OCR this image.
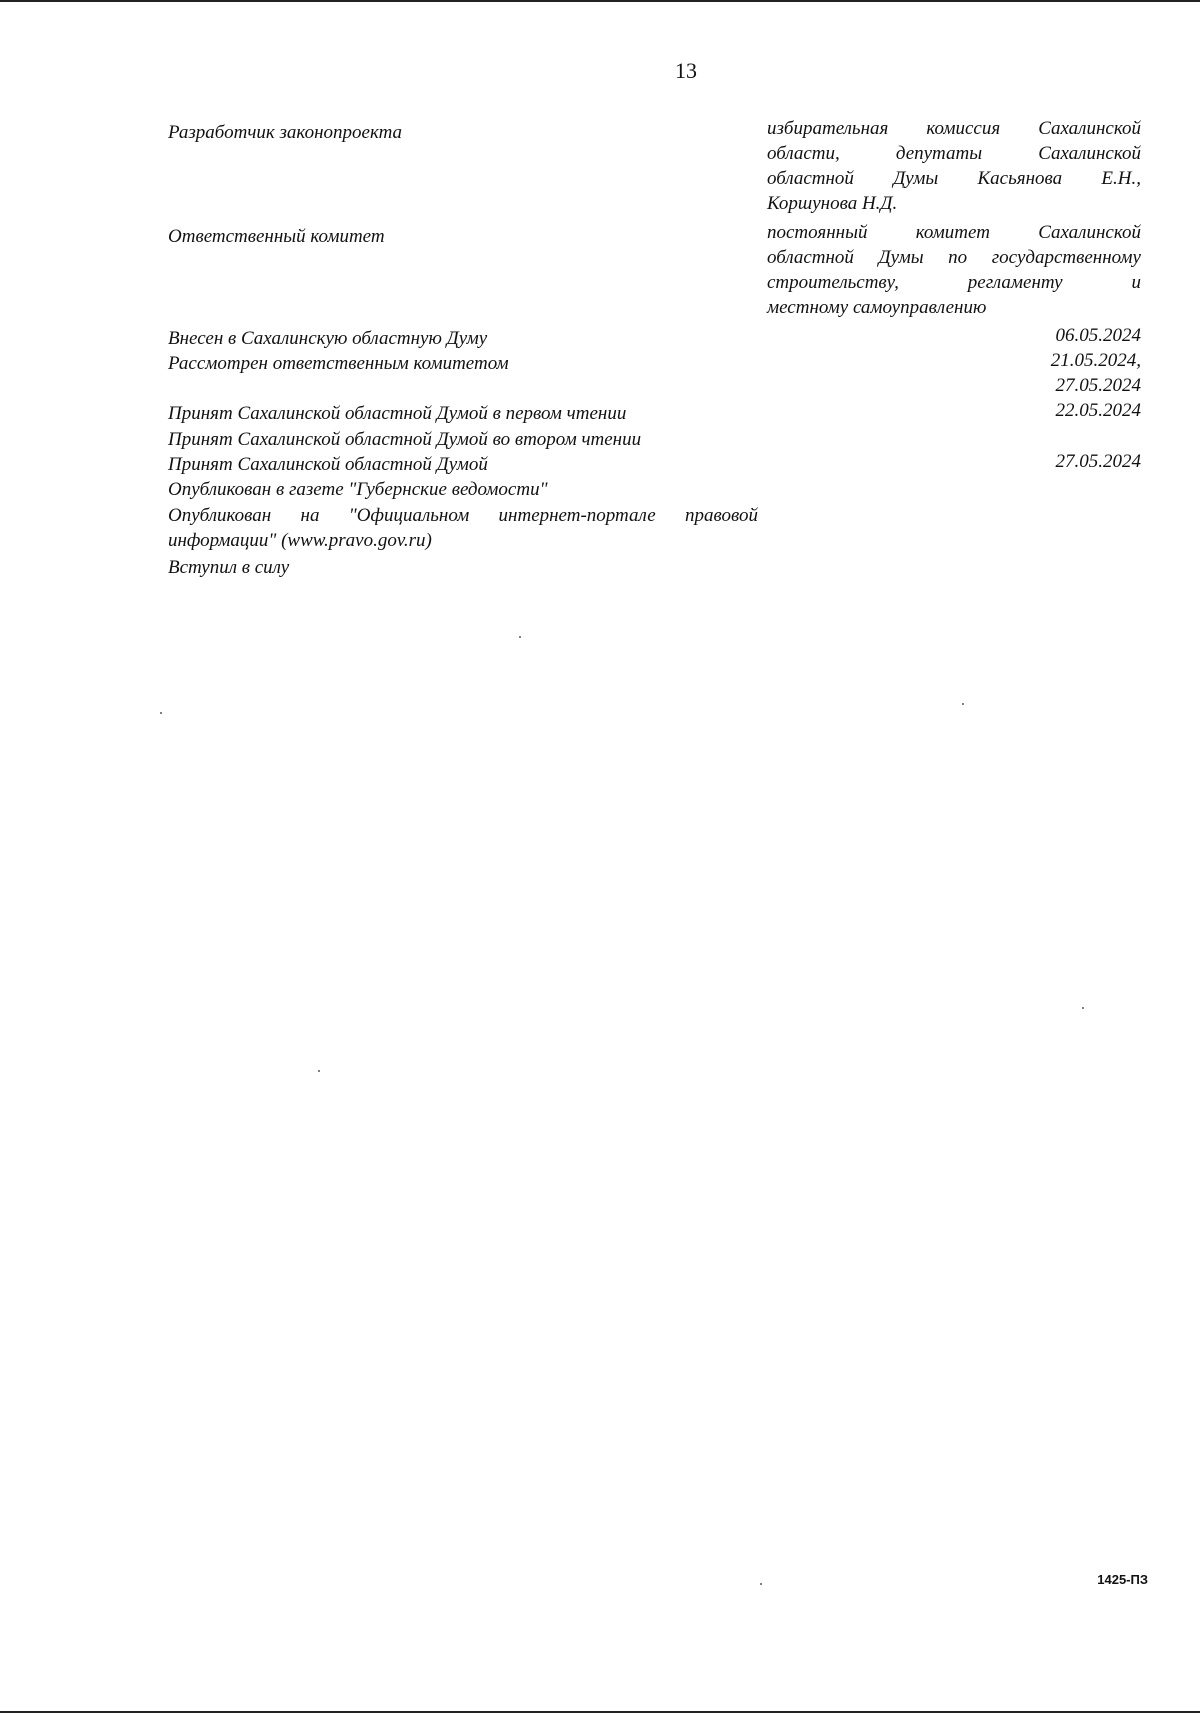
13
Разработчик законопроекта	избирательная комиссия Сахалинской
области, депутаты Сахалинской
областной Думы Касьянова Е.Н.,
Коршунова Н.Д.
Ответственный комитет	постоянный комитет Сахалинской
областной Думы по государственному
строительству, регламенту и
местному самоуправлению
Внесен в Сахалинскую областную Думу	06.05.2024
Рассмотрен ответственным комитетом	21.05.2024,
27.05.2024
Принят Сахалинской областной Думой в первом чтении	22.05.2024
Принят Сахалинской областной Думой во втором чтении
Принят Сахалинской областной Думой	27.05.2024
Опубликован в газете "Губернские ведомости"
Опубликован на "Официальном интернет-портале правовой
информации" (www.pravo.gov.ru)
Вступил в силу
1425-ПЗ
